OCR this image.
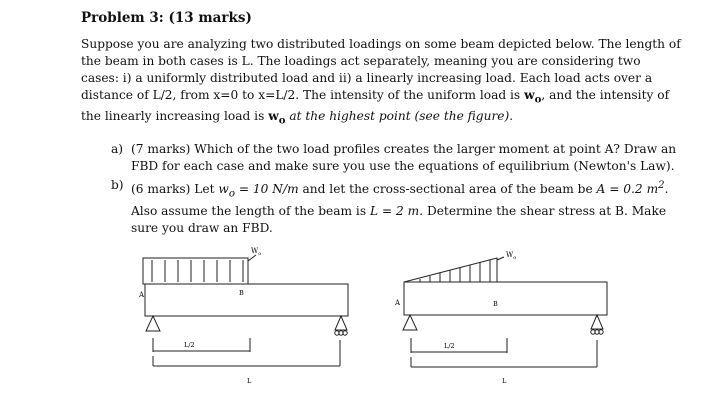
Problem 3: (13 marks)
Suppose you are analyzing two distributed loadings on some beam depicted below. The length of the beam in both cases is L. The loadings act separately, meaning you are considering two cases: i) a uniformly distributed load and ii) a linearly increasing load. Each load acts over a distance of L/2, from x=0 to x=L/2. The intensity of the uniform load is $w_o$, and the intensity of the linearly increasing load is $w_o$ at the highest point (see the figure).
a) (7 marks) Which of the two load profiles creates the larger moment at point A? Draw an FBD for each case and make sure you use the equations of equilibrium (Newton's Law).
b) (6 marks) Let $w_o = 10$ N/m and let the cross-sectional area of the beam be A = 0.2 $m^2$. Also assume the length of the beam is L = 2 m. Determine the shear stress at B. Make sure you draw an FBD.
$W_o$
A	B
L/2
L
$W_o$
A	B
L/2
L
